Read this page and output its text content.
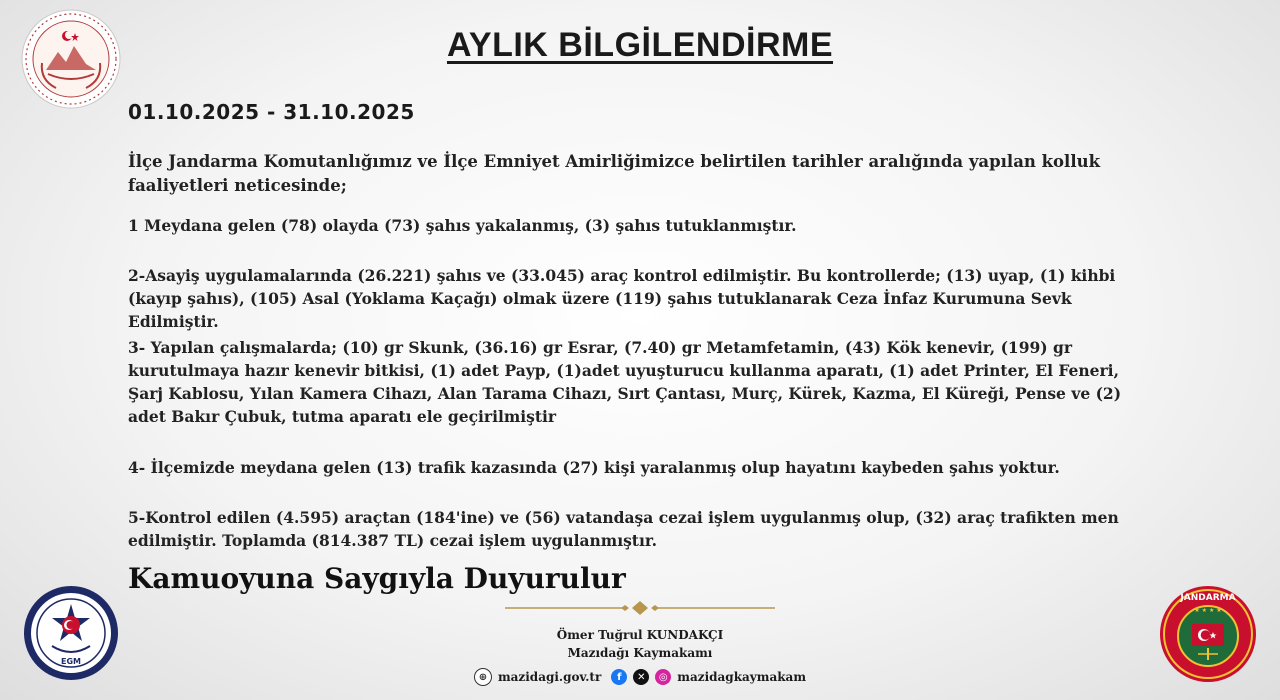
AYLIK BİLGİLENDİRME
01.10.2025 - 31.10.2025
İlçe Jandarma Komutanlığımız ve İlçe Emniyet Amirliğimizce belirtilen tarihler aralığında yapılan kolluk faaliyetleri neticesinde;
1 Meydana gelen (78) olayda (73) şahıs yakalanmış, (3) şahıs tutuklanmıştır.
2-Asayiş uygulamalarında (26.221) şahıs ve (33.045) araç kontrol edilmiştir. Bu kontrollerde; (13) uyap, (1) kihbi (kayıp şahıs), (105) Asal (Yoklama Kaçağı) olmak üzere (119) şahıs tutuklanarak Ceza İnfaz Kurumuna Sevk Edilmiştir.
3- Yapılan çalışmalarda; (10) gr Skunk, (36.16) gr Esrar, (7.40) gr Metamfetamin, (43) Kök kenevir, (199) gr kurutulmaya hazır kenevir bitkisi, (1) adet Payp, (1)adet uyuşturucu kullanma aparatı, (1) adet Printer, El Feneri, Şarj Kablosu, Yılan Kamera Cihazı, Alan Tarama Cihazı, Sırt Çantası, Murç, Kürek, Kazma, El Küreği, Pense ve (2) adet Bakır Çubuk, tutma aparatı ele geçirilmiştir
4- İlçemizde meydana gelen (13) trafik kazasında (27) kişi yaralanmış olup hayatını kaybeden şahıs yoktur.
5-Kontrol edilen (4.595) araçtan (184'ine) ve (56) vatandaşa cezai işlem uygulanmış olup, (32) araç trafikten men edilmiştir. Toplamda (814.387 TL) cezai işlem uygulanmıştır.
Kamuoyuna Saygıyla Duyurulur
Ömer Tuğrul KUNDAKÇI
Mazıdağı Kaymakamı
⊕ mazidagi.gov.tr	f	✕	◎ mazidagkaymakam
EGM
JANDARMA
★ ★ ★ ★
